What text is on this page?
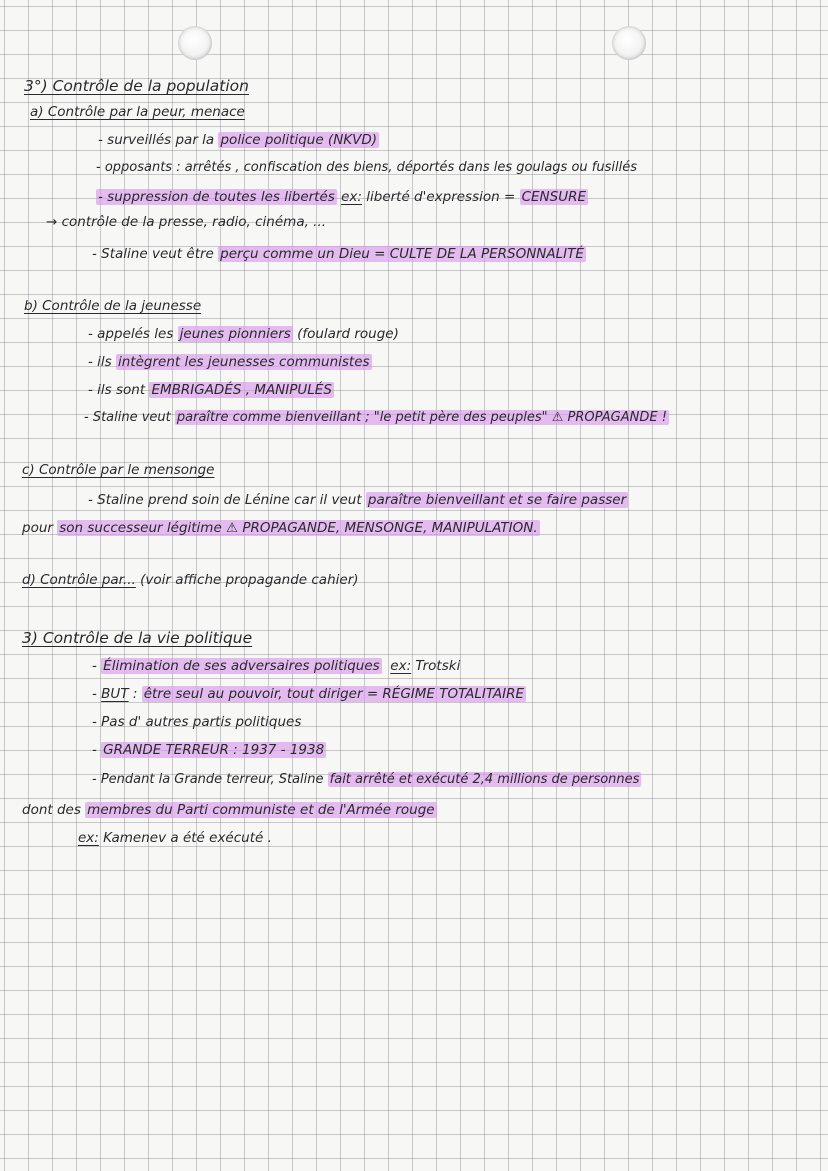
3°) Contrôle de la population
a) Contrôle par la peur, menace
- surveillés par la police politique (NKVD)
- opposants : arrêtés , confiscation des biens, déportés dans les goulags ou fusillés
- suppression de toutes les libertés ex: liberté d'expression = CENSURE
→ contrôle de la presse, radio, cinéma, ...
- Staline veut être perçu comme un Dieu = CULTE DE LA PERSONNALITÉ
b) Contrôle de la jeunesse
- appelés les jeunes pionniers (foulard rouge)
- ils intègrent les jeunesses communistes
- ils sont EMBRIGADÉS , MANIPULÉS
- Staline veut paraître comme bienveillant ; "le petit père des peuples" ⚠ PROPAGANDE !
c) Contrôle par le mensonge
- Staline prend soin de Lénine car il veut paraître bienveillant et se faire passer
pour son successeur légitime ⚠ PROPAGANDE, MENSONGE, MANIPULATION.
d) Contrôle par... (voir affiche propagande cahier)
3) Contrôle de la vie politique
- Élimination de ses adversaires politiques ex: Trotski
- BUT : être seul au pouvoir, tout diriger = RÉGIME TOTALITAIRE
- Pas d' autres partis politiques
- GRANDE TERREUR : 1937 - 1938
- Pendant la Grande terreur, Staline fait arrêté et exécuté 2,4 millions de personnes
dont des membres du Parti communiste et de l'Armée rouge
ex: Kamenev a été exécuté .
